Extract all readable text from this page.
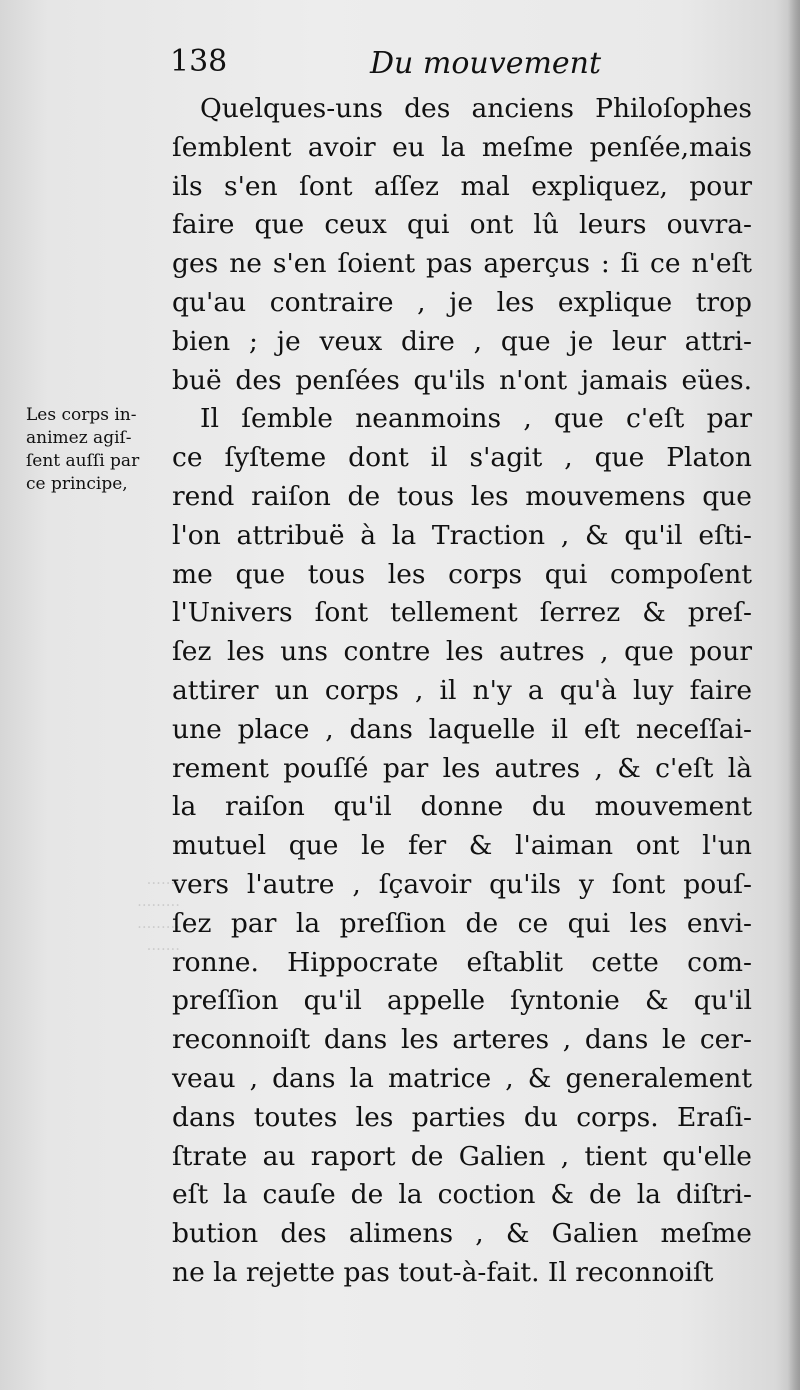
138	Du mouvement
Les corps in-
animez agiſ-
ſent auſſi par
ce principe,
.......
.........
.........
.......
Quelques-uns des anciens Philoſophes
ſemblent avoir eu la meſme penſée,mais
ils s'en ſont aſſez mal expliquez, pour
faire que ceux qui ont lû leurs ouvra-
ges ne s'en ſoient pas aperçus : ſi ce n'eſt
qu'au contraire , je les explique trop
bien ; je veux dire , que je leur attri-
buë des penſées qu'ils n'ont jamais eües.
Il ſemble neanmoins , que c'eſt par
ce ſyſteme dont il s'agit , que Platon
rend raiſon de tous les mouvemens que
l'on attribuë à la Traction , & qu'il eſti-
me que tous les corps qui compoſent
l'Univers ſont tellement ſerrez & preſ-
ſez les uns contre les autres , que pour
attirer un corps , il n'y a qu'à luy faire
une place , dans laquelle il eſt neceſſai-
rement pouſſé par les autres , & c'eſt là
la raiſon qu'il donne du mouvement
mutuel que le fer & l'aiman ont l'un
vers l'autre , ſçavoir qu'ils y ſont pouſ-
ſez par la preſſion de ce qui les envi-
ronne. Hippocrate eſtablit cette com-
preſſion qu'il appelle ſyntonie & qu'il
reconnoiſt dans les arteres , dans le cer-
veau , dans la matrice , & generalement
dans toutes les parties du corps. Eraſi-
ſtrate au raport de Galien , tient qu'elle
eſt la cauſe de la coction & de la diſtri-
bution des alimens , & Galien meſme
ne la rejette pas tout-à-fait. Il reconnoiſt
